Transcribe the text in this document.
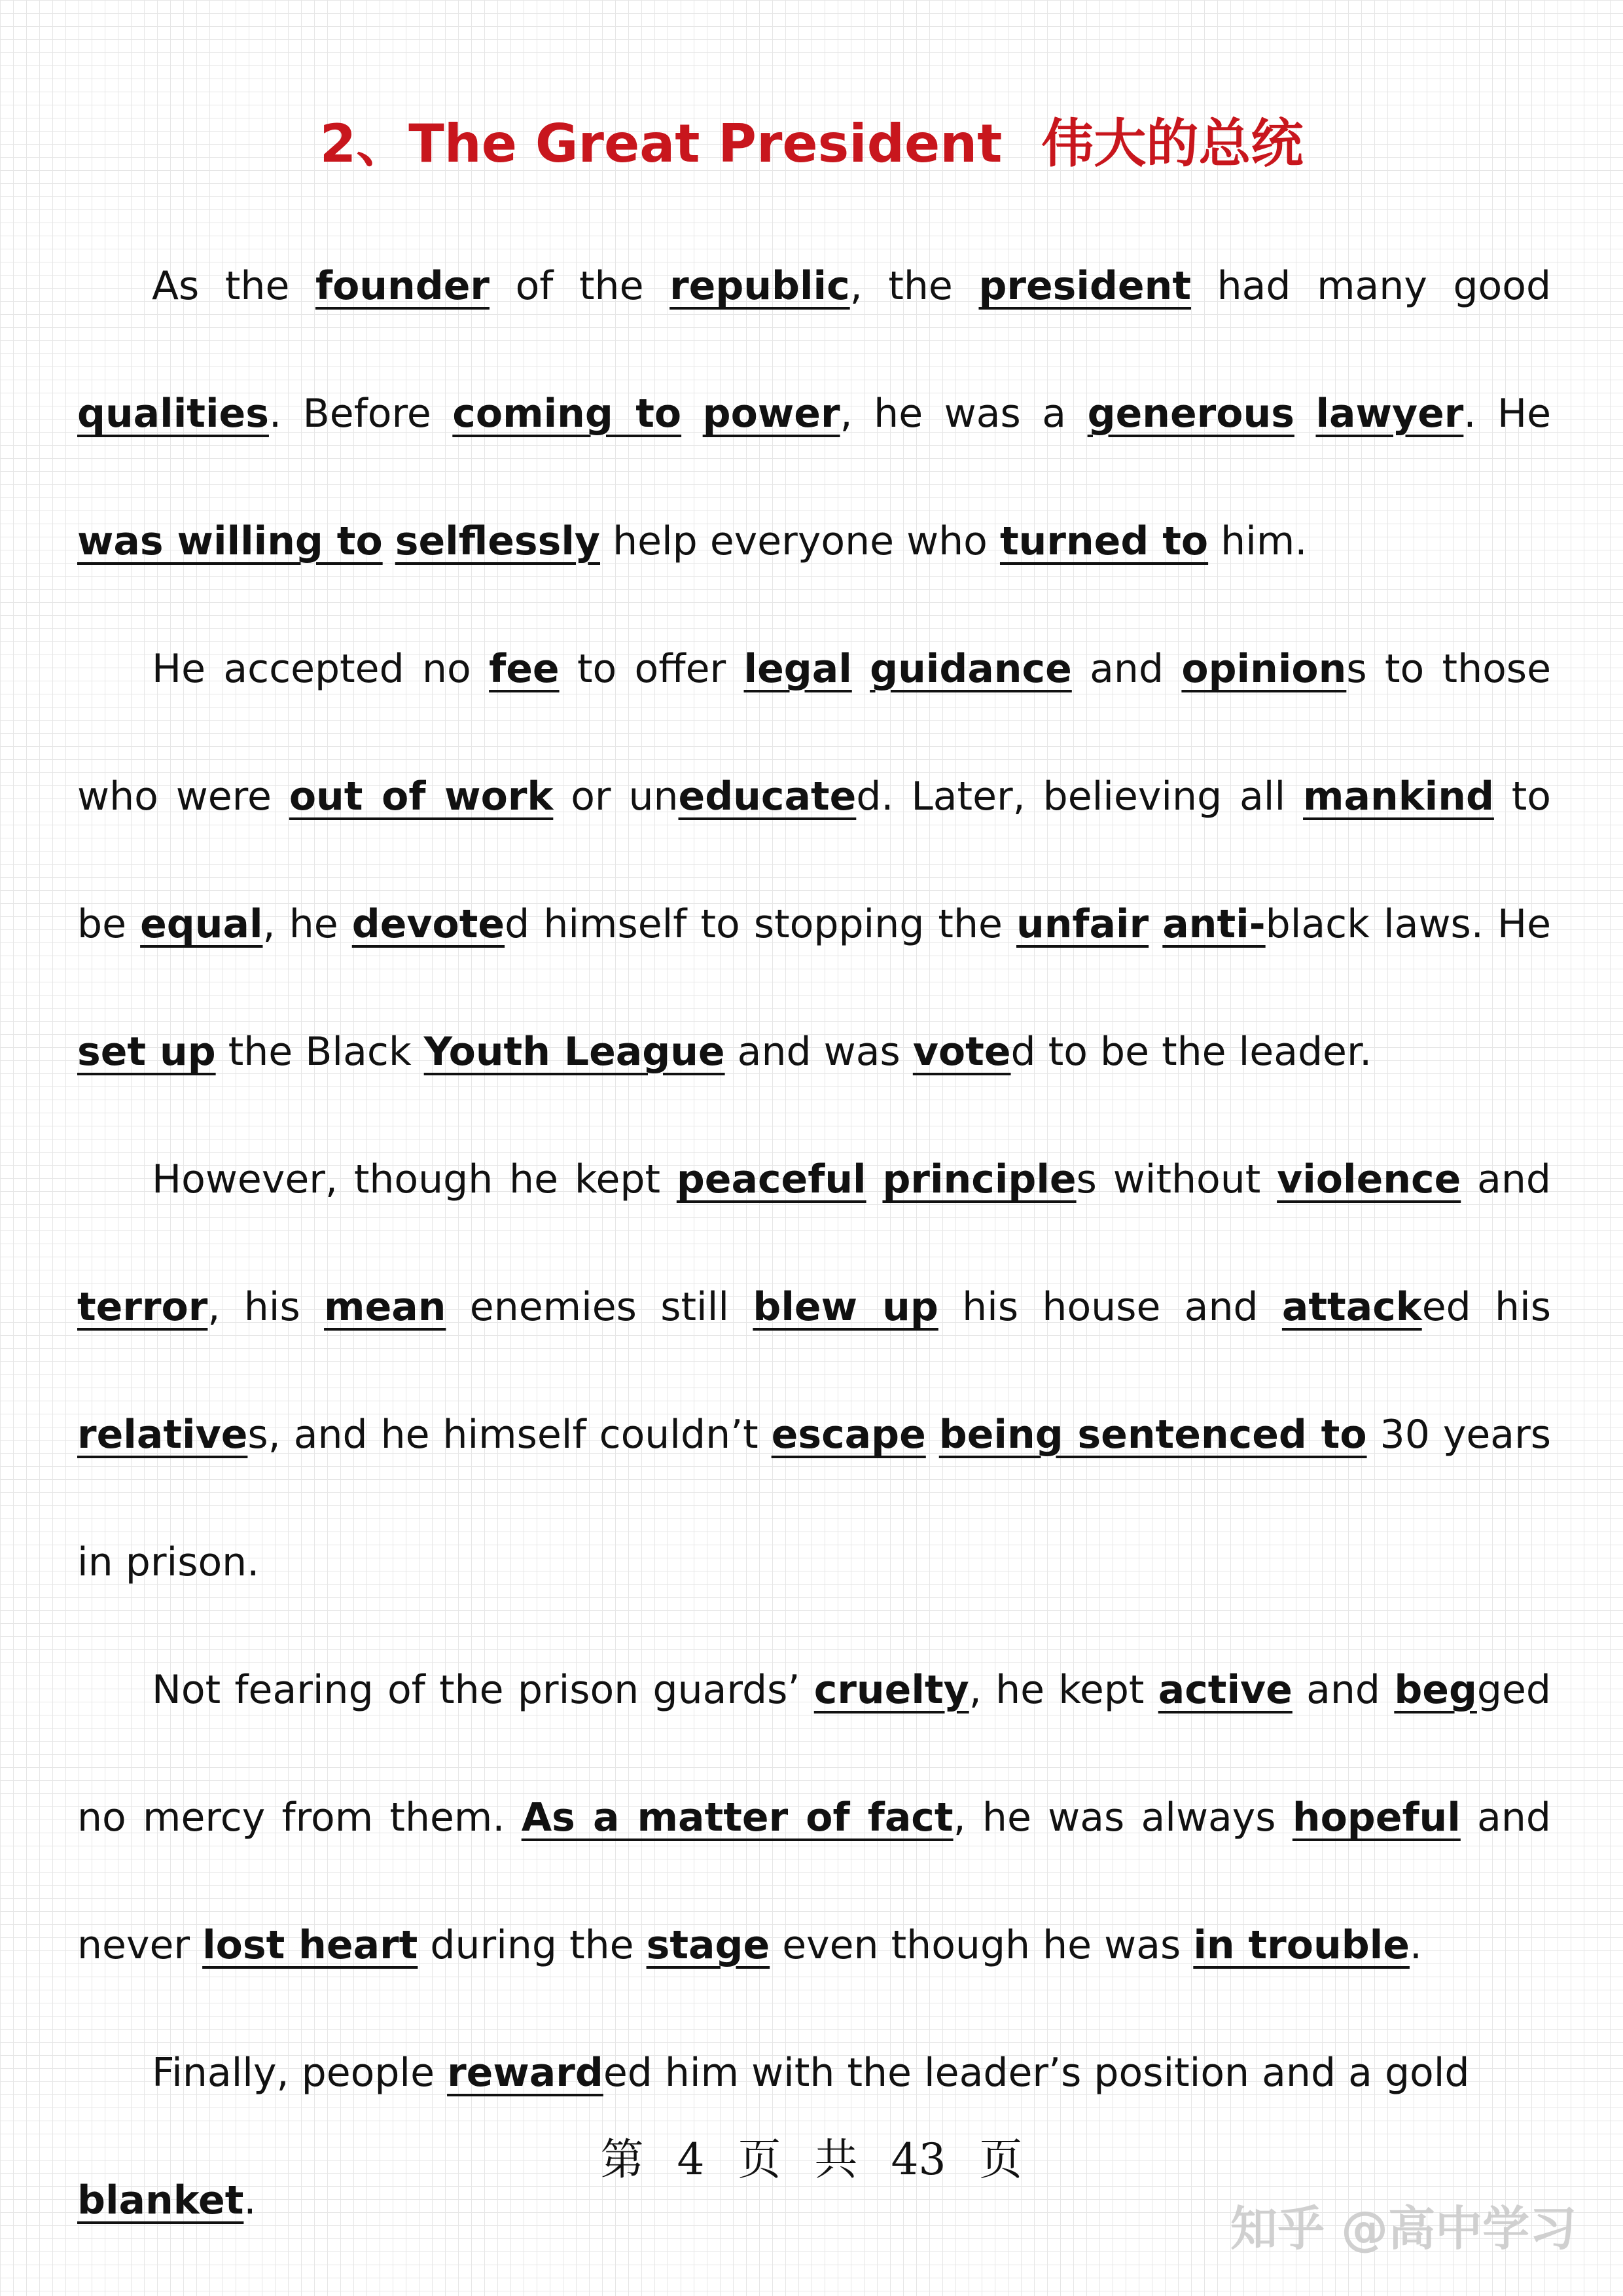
2、The Great President 伟大的总统

As the founder of the republic, the president had many good qualities. Before coming to power, he was a generous lawyer. He was willing to selflessly help everyone who turned to him.

He accepted no fee to offer legal guidance and opinions to those who were out of work or uneducated. Later, believing all mankind to be equal, he devoted himself to stopping the unfair anti-black laws. He set up the Black Youth League and was voted to be the leader.

However, though he kept peaceful principles without violence and terror, his mean enemies still blew up his house and attacked his relatives, and he himself couldn’t escape being sentenced to 30 years in prison.

Not fearing of the prison guards’ cruelty, he kept active and begged no mercy from them. As a matter of fact, he was always hopeful and never lost heart during the stage even though he was in trouble.

Finally, people rewarded him with the leader’s position and a gold blanket.

第 4 页 共 43 页
知乎 @高中学习
